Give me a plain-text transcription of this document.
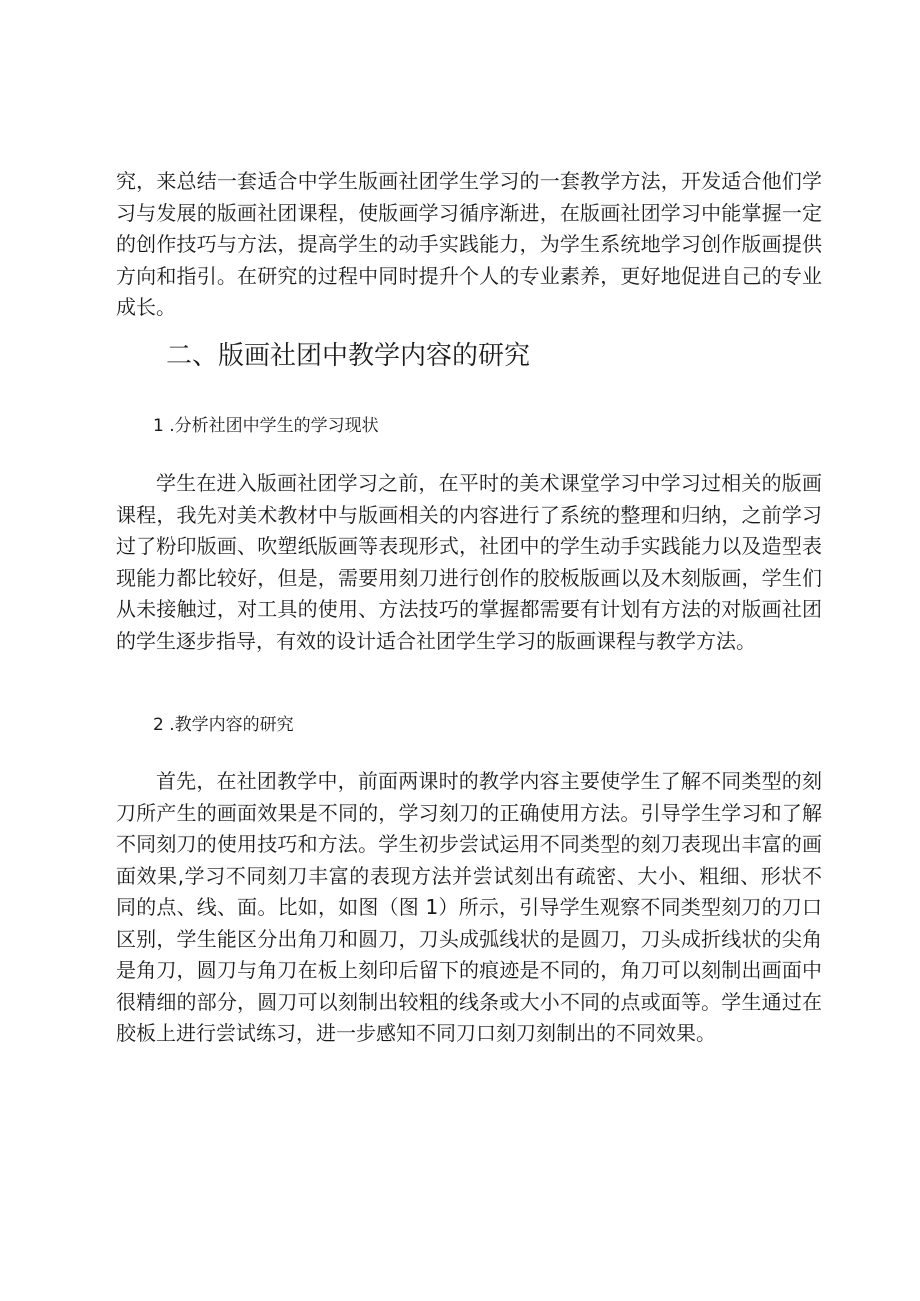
究，来总结一套适合中学生版画社团学生学习的一套教学方法，开发适合他们学习与发展的版画社团课程，使版画学习循序渐进，在版画社团学习中能掌握一定的创作技巧与方法，提高学生的动手实践能力，为学生系统地学习创作版画提供方向和指引。在研究的过程中同时提升个人的专业素养，更好地促进自己的专业成长。

二、版画社团中教学内容的研究
1 .分析社团中学生的学习现状

学生在进入版画社团学习之前，在平时的美术课堂学习中学习过相关的版画课程，我先对美术教材中与版画相关的内容进行了系统的整理和归纳，之前学习过了粉印版画、吹塑纸版画等表现形式，社团中的学生动手实践能力以及造型表现能力都比较好，但是，需要用刻刀进行创作的胶板版画以及木刻版画，学生们从未接触过，对工具的使用、方法技巧的掌握都需要有计划有方法的对版画社团的学生逐步指导，有效的设计适合社团学生学习的版画课程与教学方法。

2 .教学内容的研究

首先，在社团教学中，前面两课时的教学内容主要使学生了解不同类型的刻刀所产生的画面效果是不同的，学习刻刀的正确使用方法。引导学生学习和了解不同刻刀的使用技巧和方法。学生初步尝试运用不同类型的刻刀表现出丰富的画面效果,学习不同刻刀丰富的表现方法并尝试刻出有疏密、大小、粗细、形状不同的点、线、面。比如，如图（图 1）所示，引导学生观察不同类型刻刀的刀口区别，学生能区分出角刀和圆刀，刀头成弧线状的是圆刀，刀头成折线状的尖角是角刀，圆刀与角刀在板上刻印后留下的痕迹是不同的，角刀可以刻制出画面中很精细的部分，圆刀可以刻制出较粗的线条或大小不同的点或面等。学生通过在胶板上进行尝试练习，进一步感知不同刀口刻刀刻制出的不同效果。
